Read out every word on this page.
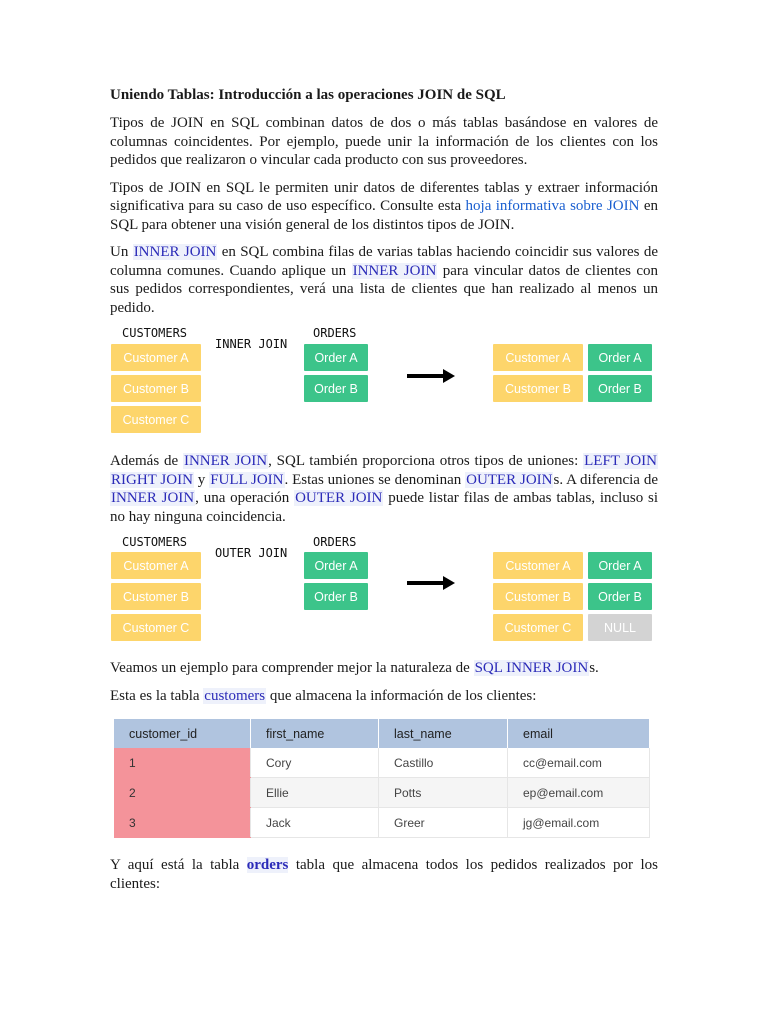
Uniendo Tablas: Introducción a las operaciones JOIN de SQL

Tipos de JOIN en SQL combinan datos de dos o más tablas basándose en valores de columnas coincidentes. Por ejemplo, puede unir la información de los clientes con los pedidos que realizaron o vincular cada producto con sus proveedores.

Tipos de JOIN en SQL le permiten unir datos de diferentes tablas y extraer información significativa para su caso de uso específico. Consulte esta hoja informativa sobre JOIN en SQL para obtener una visión general de los distintos tipos de JOIN.

Un INNER JOIN en SQL combina filas de varias tablas haciendo coincidir sus valores de columna comunes. Cuando aplique un INNER JOIN para vincular datos de clientes con sus pedidos correspondientes, verá una lista de clientes que han realizado al menos un pedido.

CUSTOMERS
INNER JOIN
ORDERS
Customer A
Customer B
Customer C
Order A
Order B
Customer A
Customer B
Order A
Order B

Además de INNER JOIN, SQL también proporciona otros tipos de uniones: LEFT JOIN RIGHT JOIN y FULL JOIN. Estas uniones se denominan OUTER JOINs. A diferencia de INNER JOIN, una operación OUTER JOIN puede listar filas de ambas tablas, incluso si no hay ninguna coincidencia.

CUSTOMERS
OUTER JOIN
ORDERS
Customer A
Customer B
Customer C
Order A
Order B
Customer A
Customer B
Customer C
Order A
Order B
NULL

Veamos un ejemplo para comprender mejor la naturaleza de SQL INNER JOINs.

Esta es la tabla customers que almacena la información de los clientes:

customer_id	first_name	last_name	email
1	Cory	Castillo	cc@email.com
2	Ellie	Potts	ep@email.com
3	Jack	Greer	jg@email.com

Y aquí está la tabla orders tabla que almacena todos los pedidos realizados por los clientes:
